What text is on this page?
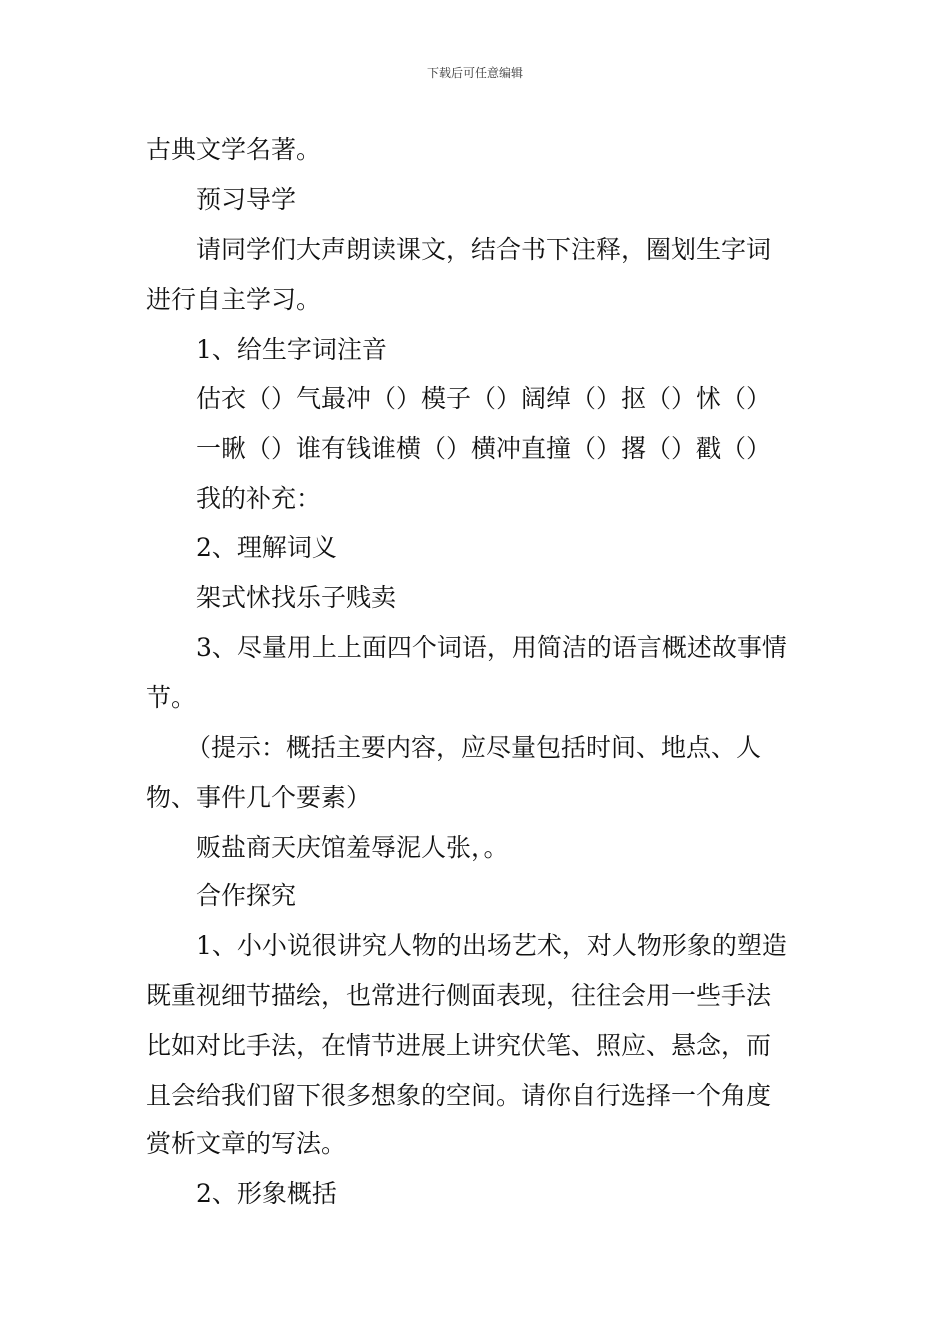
下载后可任意编辑
古典文学名著。
预习导学
请同学们大声朗读课文，结合书下注释，圈划生字词
进行自主学习。
1、给生字词注音
估衣（）气最冲（）模子（）阔绰（）抠（）怵（）
一瞅（）谁有钱谁横（）横冲直撞（）撂（）戳（）
我的补充：
2、理解词义
架式怵找乐子贱卖
3、尽量用上上面四个词语，用简洁的语言概述故事情
节。
（提示：概括主要内容，应尽量包括时间、地点、人
物、事件几个要素）
贩盐商天庆馆羞辱泥人张，。
合作探究
1、小小说很讲究人物的出场艺术，对人物形象的塑造
既重视细节描绘，也常进行侧面表现，往往会用一些手法
比如对比手法，在情节进展上讲究伏笔、照应、悬念，而
且会给我们留下很多想象的空间。请你自行选择一个角度
赏析文章的写法。
2、形象概括
